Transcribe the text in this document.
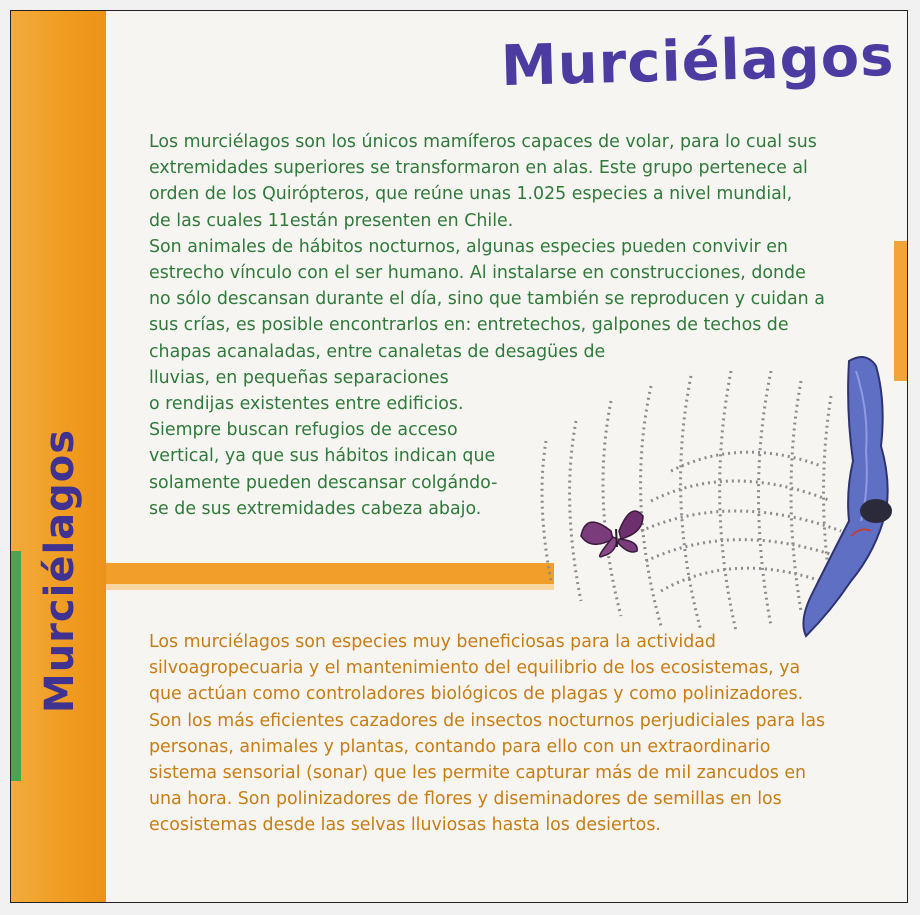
Murciélagos
Murciélagos
Los murciélagos son los únicos mamíferos capaces de volar, para lo cual sus
extremidades superiores se transformaron en alas. Este grupo pertenece al
orden de los Quirópteros, que reúne unas 1.025 especies a nivel mundial,
de las cuales 11están presenten en Chile.
Son animales de hábitos nocturnos, algunas especies pueden convivir en
estrecho vínculo con el ser humano. Al instalarse en construcciones, donde
no sólo descansan durante el día, sino que también se reproducen y cuidan a
sus crías, es posible encontrarlos en: entretechos, galpones de techos de
chapas acanaladas, entre canaletas de desagües de
lluvias, en pequeñas separaciones
o rendijas existentes entre edificios.
Siempre buscan refugios de acceso
vertical, ya que sus hábitos indican que
solamente pueden descansar colgándo-
se de sus extremidades cabeza abajo.
Los murciélagos son especies muy beneficiosas para la actividad
silvoagropecuaria y el mantenimiento del equilibrio de los ecosistemas, ya
que actúan como controladores biológicos de plagas y como polinizadores.
Son los más eficientes cazadores de insectos nocturnos perjudiciales para las
personas, animales y plantas, contando para ello con un extraordinario
sistema sensorial (sonar) que les permite capturar más de mil zancudos en
una hora. Son polinizadores de flores y diseminadores de semillas en los
ecosistemas desde las selvas lluviosas hasta los desiertos.
